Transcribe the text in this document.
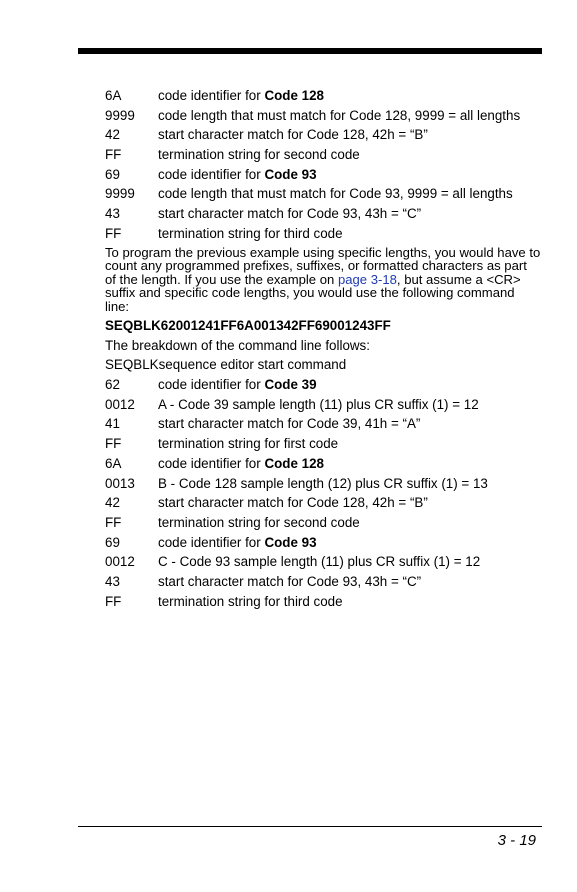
6A	code identifier for Code 128
9999	code length that must match for Code 128, 9999 = all lengths
42	start character match for Code 128, 42h = “B”
FF	termination string for second code
69	code identifier for Code 93
9999	code length that must match for Code 93, 9999 = all lengths
43	start character match for Code 93, 43h = “C”
FF	termination string for third code
To program the previous example using specific lengths, you would have to count any programmed prefixes, suffixes, or formatted characters as part of the length. If you use the example on page 3-18, but assume a <CR> suffix and specific code lengths, you would use the following command line:
SEQBLK62001241FF6A001342FF69001243FF
The breakdown of the command line follows:
SEQBLK sequence editor start command
62	code identifier for Code 39
0012	A - Code 39 sample length (11) plus CR suffix (1) = 12
41	start character match for Code 39, 41h = “A”
FF	termination string for first code
6A	code identifier for Code 128
0013	B - Code 128 sample length (12) plus CR suffix (1) = 13
42	start character match for Code 128, 42h = “B”
FF	termination string for second code
69	code identifier for Code 93
0012	C - Code 93 sample length (11) plus CR suffix (1) = 12
43	start character match for Code 93, 43h = “C”
FF	termination string for third code
3 - 19
